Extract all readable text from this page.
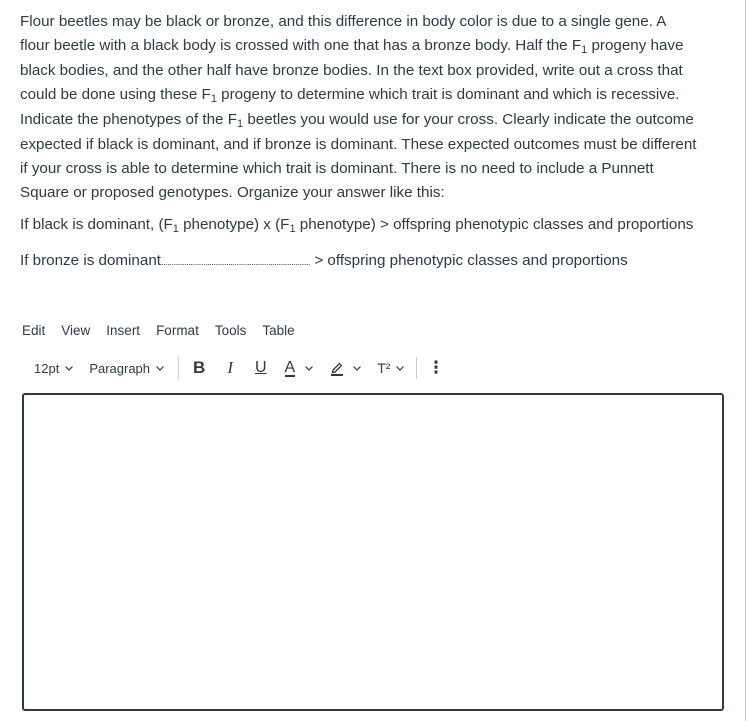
Flour beetles may be black or bronze, and this difference in body color is due to a single gene. A
flour beetle with a black body is crossed with one that has a bronze body. Half the F1 progeny have
black bodies, and the other half have bronze bodies. In the text box provided, write out a cross that
could be done using these F1 progeny to determine which trait is dominant and which is recessive.
Indicate the phenotypes of the F1 beetles you would use for your cross. Clearly indicate the outcome
expected if black is dominant, and if bronze is dominant. These expected outcomes must be different
if your cross is able to determine which trait is dominant. There is no need to include a Punnett
Square or proposed genotypes. Organize your answer like this:

If black is dominant, (F1 phenotype) x (F1 phenotype) > offspring phenotypic classes and proportions
If bronze is dominant....................................................................... > offspring phenotypic classes and proportions
Edit View Insert Format Tools Table
12pt Paragraph	B I U A	T² ⋮
